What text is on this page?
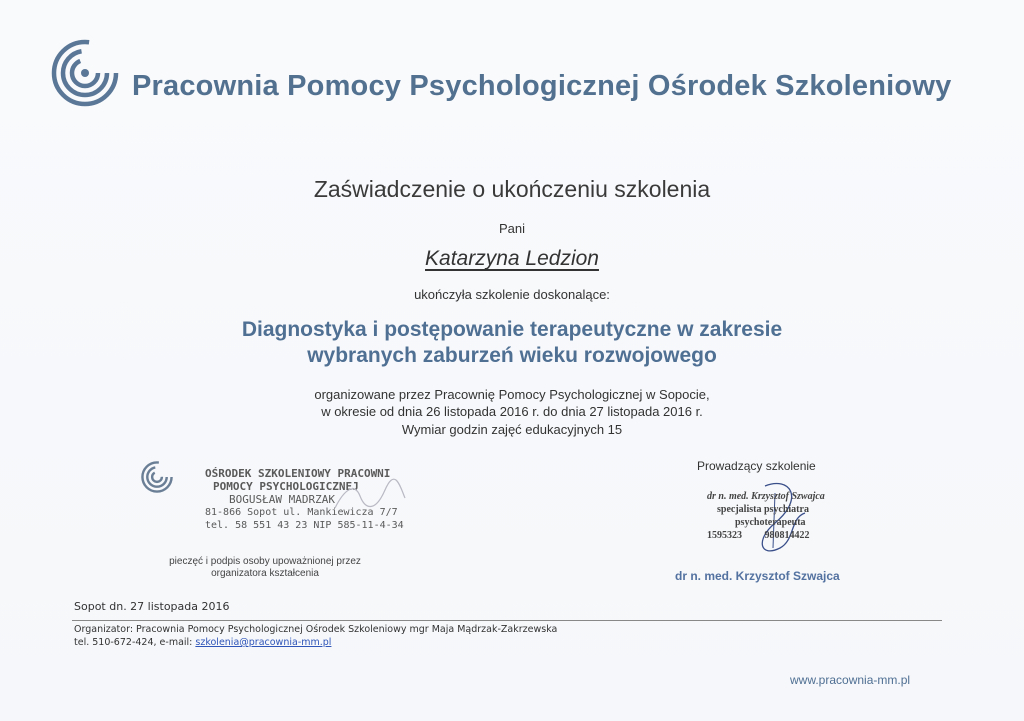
Pracownia Pomocy Psychologicznej Ośrodek Szkoleniowy
Zaświadczenie o ukończeniu szkolenia
Pani
Katarzyna Ledzion
ukończyła szkolenie doskonalące:
Diagnostyka i postępowanie terapeutyczne w zakresie
wybranych zaburzeń wieku rozwojowego
organizowane przez Pracownię Pomocy Psychologicznej w Sopocie,
w okresie od dnia 26 listopada 2016 r. do dnia 27 listopada 2016 r.
Wymiar godzin zajęć edukacyjnych 15
OŚRODEK SZKOLENIOWY PRACOWNI
POMOCY PSYCHOLOGICZNEJ
BOGUSŁAW MADRZAK
81-866 Sopot ul. Mankiewicza 7/7
tel. 58 551 43 23 NIP 585-11-4-34
pieczęć i podpis osoby upoważnionej przez
organizatora kształcenia
Prowadzący szkolenie
dr n. med. Krzysztof Szwajca
specjalista psychiatra
psychoterapeuta
1595323         980814422
dr n. med. Krzysztof Szwajca
Sopot dn. 27 listopada 2016
Organizator: Pracownia Pomocy Psychologicznej Ośrodek Szkoleniowy mgr Maja Mądrzak-Zakrzewska
tel. 510-672-424, e-mail: szkolenia@pracownia-mm.pl
www.pracownia-mm.pl
